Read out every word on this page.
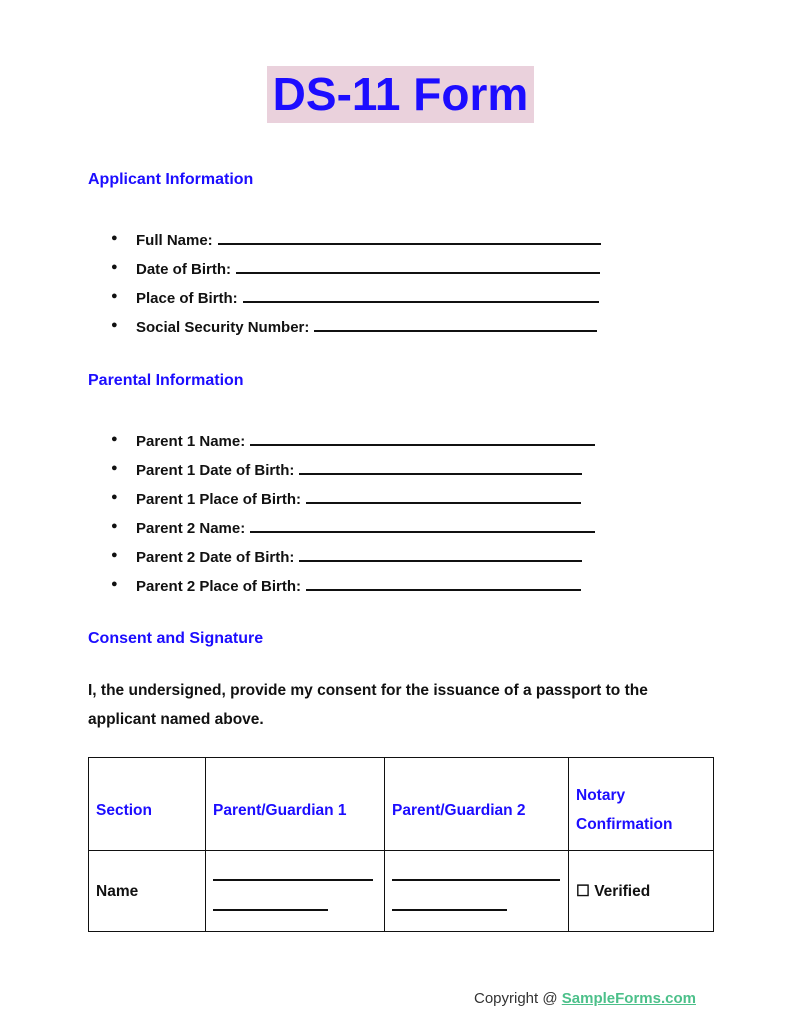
DS-11 Form
Applicant Information
● Full Name:
● Date of Birth:
● Place of Birth:
● Social Security Number:
Parental Information
● Parent 1 Name:
● Parent 1 Date of Birth:
● Parent 1 Place of Birth:
● Parent 2 Name:
● Parent 2 Date of Birth:
● Parent 2 Place of Birth:
Consent and Signature
I, the undersigned, provide my consent for the issuance of a passport to the applicant named above.
Section	Parent/Guardian 1	Parent/Guardian 2	Notary Confirmation
Name			☐ Verified
Copyright @ SampleForms.com
